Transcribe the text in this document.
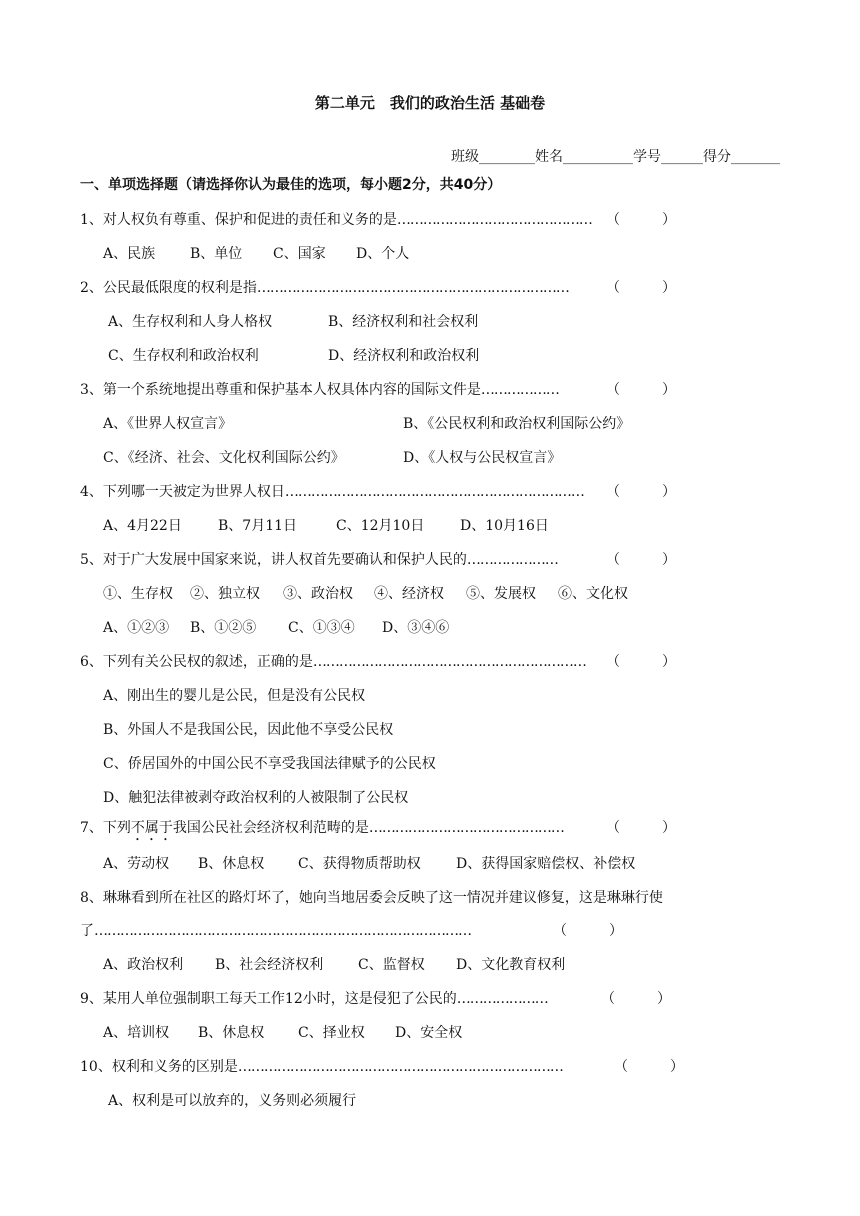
第二单元　我们的政治生活 基础卷
班级________姓名__________学号______得分_______
一、单项选择题（请选择你认为最佳的选项，每小题2分，共40分）
1、对人权负有尊重、保护和促进的责任和义务的是……………………………………… （　　　）
A、民族 B、单位 C、国家 D、个人
2、公民最低限度的权利是指………………………………………………………………	（　　　）
A、生存权利和人身人格权	B、经济权利和社会权利
C、生存权利和政治权利	D、经济权利和政治权利
3、第一个系统地提出尊重和保护基本人权具体内容的国际文件是………………	（　　　）
A、《世界人权宣言》	B、《公民权利和政治权利国际公约》
C、《经济、社会、文化权利国际公约》	D、《人权与公民权宣言》
4、下列哪一天被定为世界人权日…………………………………………………………… （　　　）
A、4月22日	B、7月11日	C、12月10日	D、10月16日
5、对于广大发展中国家来说，讲人权首先要确认和保护人民的…………………	（　　　）
①、生存权 ②、独立权 ③、政治权 ④、经济权 ⑤、发展权 ⑥、文化权
A、①②③ B、①②⑤ C、①③④ D、③④⑥
6、下列有关公民权的叙述，正确的是……………………………………………………… （　　　）
A、刚出生的婴儿是公民，但是没有公民权
B、外国人不是我国公民，因此他不享受公民权
C、侨居国外的中国公民不享受我国法律赋予的公民权
D、触犯法律被剥夺政治权利的人被限制了公民权
7、下列不属于我国公民社会经济权利范畴的是………………………………………	（　　　）
A、劳动权 B、休息权 C、获得物质帮助权	D、获得国家赔偿权、补偿权
8、琳琳看到所在社区的路灯坏了，她向当地居委会反映了这一情况并建议修复，这是琳琳行使
了……………………………………………………………………………	（　　　）
A、政治权利 B、社会经济权利 C、监督权 D、文化教育权利
9、某用人单位强制职工每天工作12小时，这是侵犯了公民的…………………	（　　　）
A、培训权 B、休息权 C、择业权 D、安全权
10、权利和义务的区别是…………………………………………………………………	（　　　）
A、权利是可以放弃的，义务则必须履行
